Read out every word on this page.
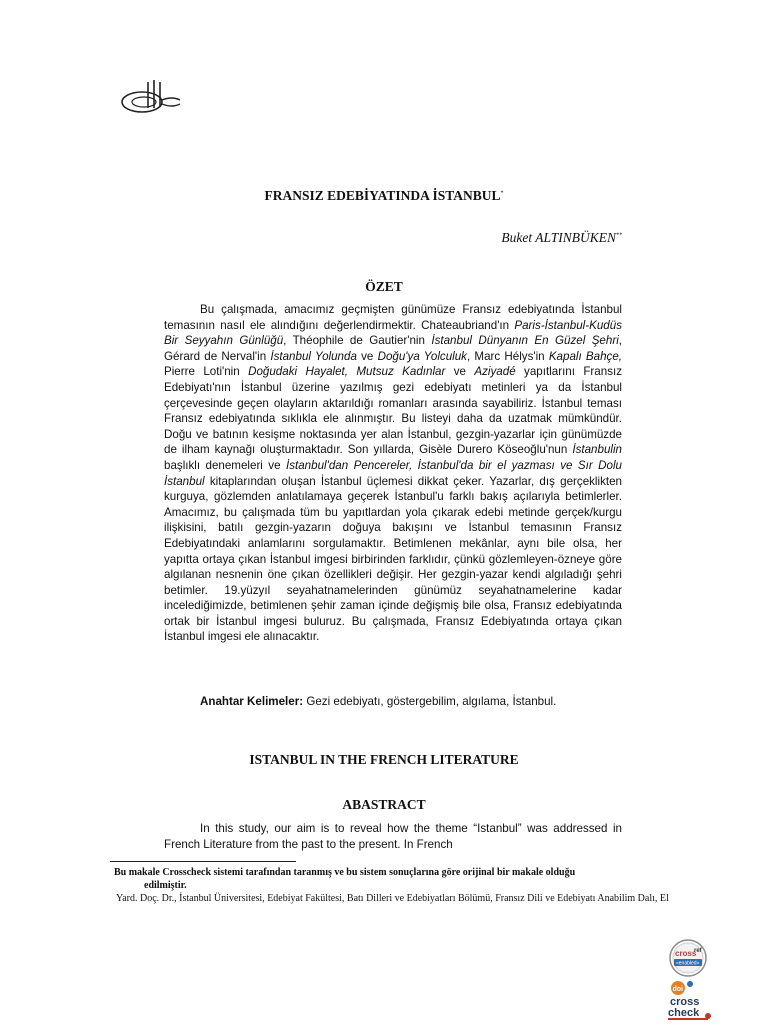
FRANSIZ EDEBİYATINDA İSTANBUL*
Buket ALTINBÜKEN**
ÖZET

Bu çalışmada, amacımız geçmişten günümüze Fransız edebiyatında İstanbul temasının nasıl ele alındığını değerlendirmektir. Chateaubriand'ın Paris-İstanbul-Kudüs Bir Seyyahın Günlüğü, Théophile de Gautier'nin İstanbul Dünyanın En Güzel Şehri, Gérard de Nerval'in İstanbul Yolunda ve Doğu'ya Yolculuk, Marc Hélys'in Kapalı Bahçe, Pierre Loti'nin Doğudaki Hayalet, Mutsuz Kadınlar ve Aziyadé yapıtlarını Fransız Edebiyatı'nın İstanbul üzerine yazılmış gezi edebiyatı metinleri ya da İstanbul çerçevesinde geçen olayların aktarıldığı romanları arasında sayabiliriz. İstanbul teması Fransız edebiyatında sıklıkla ele alınmıştır. Bu listeyi daha da uzatmak mümkündür. Doğu ve batının kesişme noktasında yer alan İstanbul, gezgin-yazarlar için günümüzde de ilham kaynağı oluşturmaktadır. Son yıllarda, Gisèle Durero Köseoğlu'nun İstanbulin başlıklı denemeleri ve İstanbul'dan Pencereler, İstanbul'da bir el yazması ve Sır Dolu İstanbul kitaplarından oluşan İstanbul üçlemesi dikkat çeker. Yazarlar, dış gerçeklikten kurguya, gözlemden anlatılamaya geçerek İstanbul'u farklı bakış açılarıyla betimlerler. Amacımız, bu çalışmada tüm bu yapıtlardan yola çıkarak edebi metinde gerçek/kurgu ilişkisini, batılı gezgin-yazarın doğuya bakışını ve İstanbul temasının Fransız Edebiyatındaki anlamlarını sorgulamaktır. Betimlenen mekânlar, aynı bile olsa, her yapıtta ortaya çıkan İstanbul imgesi birbirinden farklıdır, çünkü gözlemleyen-özneye göre algılanan nesnenin öne çıkan özellikleri değişir. Her gezgin-yazar kendi algıladığı şehri betimler. 19.yüzyıl seyahatnamelerinden günümüz seyahatnamelerine kadar incelediğimizde, betimlenen şehir zaman içinde değişmiş bile olsa, Fransız edebiyatında ortak bir İstanbul imgesi buluruz. Bu çalışmada, Fransız Edebiyatında ortaya çıkan İstanbul imgesi ele alınacaktır.

Anahtar Kelimeler: Gezi edebiyatı, göstergebilim, algılama, İstanbul.

ISTANBUL IN THE FRENCH LITERATURE
ABASTRACT

In this study, our aim is to reveal how the theme “Istanbul” was addressed in French Literature from the past to the present. In French

Bu makale Crosscheck sistemi tarafından taranmış ve bu sistem sonuçlarına göre orijinal bir makale olduğu
edilmiştir.
Yard. Doç. Dr., İstanbul Üniversitesi, Edebiyat Fakültesi, Batı Dilleri ve Edebiyatları Bölümü, Fransız Dili ve Edebiyatı Anabilim Dalı, El
cross
ref
«enabled»
doi
cross
check
